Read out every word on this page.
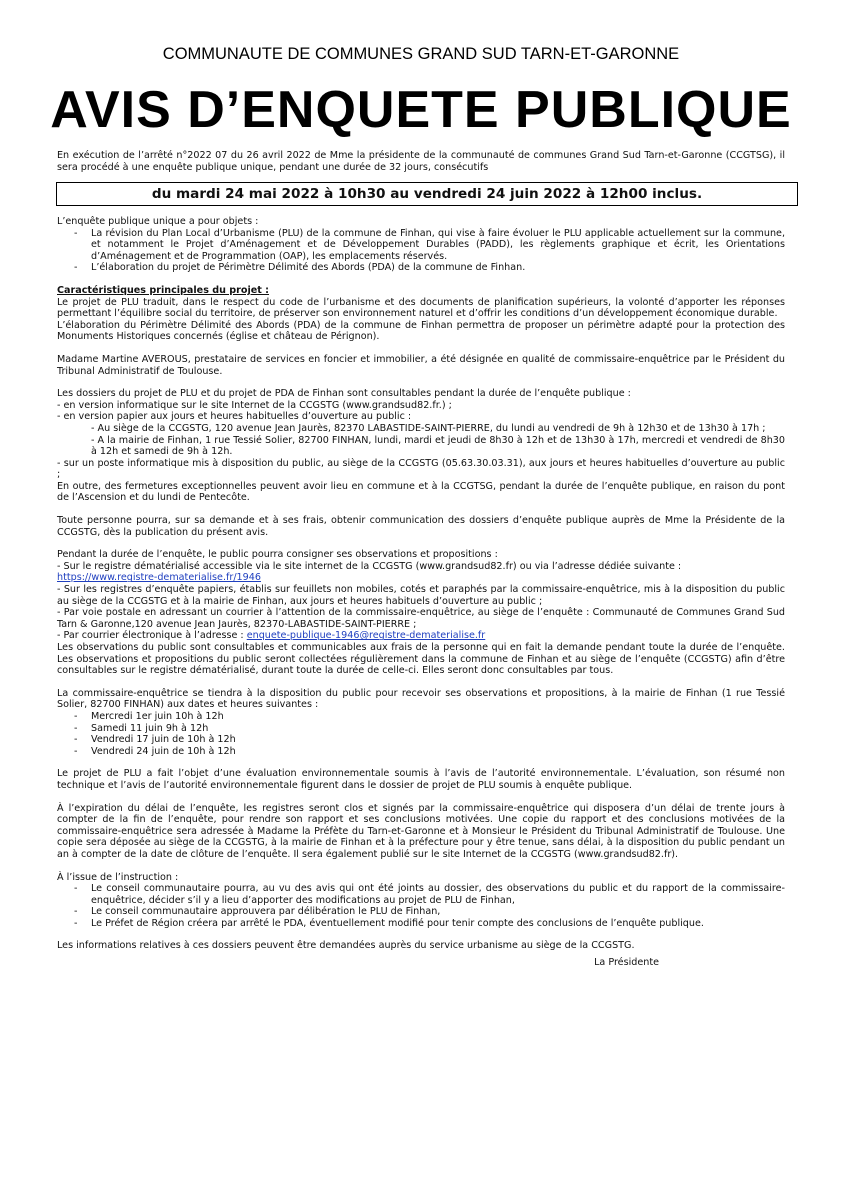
COMMUNAUTE DE COMMUNES GRAND SUD TARN-ET-GARONNE
AVIS D’ENQUETE PUBLIQUE

En exécution de l’arrêté n°2022 07 du 26 avril 2022 de Mme la présidente de la communauté de communes Grand Sud Tarn-et-Garonne (CCGTSG), il sera procédé à une enquête publique unique, pendant une durée de 32 jours, consécutifs

du mardi 24 mai 2022 à 10h30 au vendredi 24 juin 2022 à 12h00 inclus.

L’enquête publique unique a pour objets :

- La révision du Plan Local d’Urbanisme (PLU) de la commune de Finhan, qui vise à faire évoluer le PLU applicable actuellement sur la commune, et notamment le Projet d’Aménagement et de Développement Durables (PADD), les règlements graphique et écrit, les Orientations d’Aménagement et de Programmation (OAP), les emplacements réservés.
- L’élaboration du projet de Périmètre Délimité des Abords (PDA) de la commune de Finhan.

Caractéristiques principales du projet :

Le projet de PLU traduit, dans le respect du code de l’urbanisme et des documents de planification supérieurs, la volonté d’apporter les réponses permettant l’équilibre social du territoire, de préserver son environnement naturel et d’offrir les conditions d’un développement économique durable.

L’élaboration du Périmètre Délimité des Abords (PDA) de la commune de Finhan permettra de proposer un périmètre adapté pour la protection des Monuments Historiques concernés (église et château de Pérignon).

Madame Martine AVEROUS, prestataire de services en foncier et immobilier, a été désignée en qualité de commissaire-enquêtrice par le Président du Tribunal Administratif de Toulouse.

Les dossiers du projet de PLU et du projet de PDA de Finhan sont consultables pendant la durée de l’enquête publique :

- en version informatique sur le site Internet de la CCGSTG (www.grandsud82.fr.) ;

- en version papier aux jours et heures habituelles d’ouverture au public :

- Au siège de la CCGSTG, 120 avenue Jean Jaurès, 82370 LABASTIDE-SAINT-PIERRE, du lundi au vendredi de 9h à 12h30 et de 13h30 à 17h ;

- A la mairie de Finhan, 1 rue Tessié Solier, 82700 FINHAN, lundi, mardi et jeudi de 8h30 à 12h et de 13h30 à 17h, mercredi et vendredi de 8h30 à 12h et samedi de 9h à 12h.

- sur un poste informatique mis à disposition du public, au siège de la CCGSTG (05.63.30.03.31), aux jours et heures habituelles d’ouverture au public ;

En outre, des fermetures exceptionnelles peuvent avoir lieu en commune et à la CCGTSG, pendant la durée de l’enquête publique, en raison du pont de l’Ascension et du lundi de Pentecôte.

Toute personne pourra, sur sa demande et à ses frais, obtenir communication des dossiers d’enquête publique auprès de Mme la Présidente de la CCGSTG, dès la publication du présent avis.

Pendant la durée de l’enquête, le public pourra consigner ses observations et propositions :

- Sur le registre dématérialisé accessible via le site internet de la CCGSTG (www.grandsud82.fr) ou via l’adresse dédiée suivante :

https://www.registre-dematerialise.fr/1946

- Sur les registres d’enquête papiers, établis sur feuillets non mobiles, cotés et paraphés par la commissaire-enquêtrice, mis à la disposition du public au siège de la CCGSTG et à la mairie de Finhan, aux jours et heures habituels d’ouverture au public ;

- Par voie postale en adressant un courrier à l’attention de la commissaire-enquêtrice, au siège de l’enquête : Communauté de Communes Grand Sud Tarn & Garonne,120 avenue Jean Jaurès, 82370-LABASTIDE-SAINT-PIERRE ;

- Par courrier électronique à l’adresse : enquete-publique-1946@registre-dematerialise.fr

Les observations du public sont consultables et communicables aux frais de la personne qui en fait la demande pendant toute la durée de l’enquête. Les observations et propositions du public seront collectées régulièrement dans la commune de Finhan et au siège de l’enquête (CCGSTG) afin d’être consultables sur le registre dématérialisé, durant toute la durée de celle-ci. Elles seront donc consultables par tous.

La commissaire-enquêtrice se tiendra à la disposition du public pour recevoir ses observations et propositions, à la mairie de Finhan (1 rue Tessié Solier, 82700 FINHAN) aux dates et heures suivantes :

- Mercredi 1er juin 10h à 12h
- Samedi 11 juin 9h à 12h
- Vendredi 17 juin de 10h à 12h
- Vendredi 24 juin de 10h à 12h

Le projet de PLU a fait l’objet d’une évaluation environnementale soumis à l’avis de l’autorité environnementale. L’évaluation, son résumé non technique et l’avis de l’autorité environnementale figurent dans le dossier de projet de PLU soumis à enquête publique.

À l’expiration du délai de l’enquête, les registres seront clos et signés par la commissaire-enquêtrice qui disposera d’un délai de trente jours à compter de la fin de l’enquête, pour rendre son rapport et ses conclusions motivées. Une copie du rapport et des conclusions motivées de la commissaire-enquêtrice sera adressée à Madame la Préfète du Tarn-et-Garonne et à Monsieur le Président du Tribunal Administratif de Toulouse. Une copie sera déposée au siège de la CCGSTG, à la mairie de Finhan et à la préfecture pour y être tenue, sans délai, à la disposition du public pendant un an à compter de la date de clôture de l’enquête. Il sera également publié sur le site Internet de la CCGSTG (www.grandsud82.fr).

À l’issue de l’instruction :

- Le conseil communautaire pourra, au vu des avis qui ont été joints au dossier, des observations du public et du rapport de la commissaire-enquêtrice, décider s’il y a lieu d’apporter des modifications au projet de PLU de Finhan,
- Le conseil communautaire approuvera par délibération le PLU de Finhan,
- Le Préfet de Région créera par arrêté le PDA, éventuellement modifié pour tenir compte des conclusions de l’enquête publique.

Les informations relatives à ces dossiers peuvent être demandées auprès du service urbanisme au siège de la CCGSTG.

La Présidente
